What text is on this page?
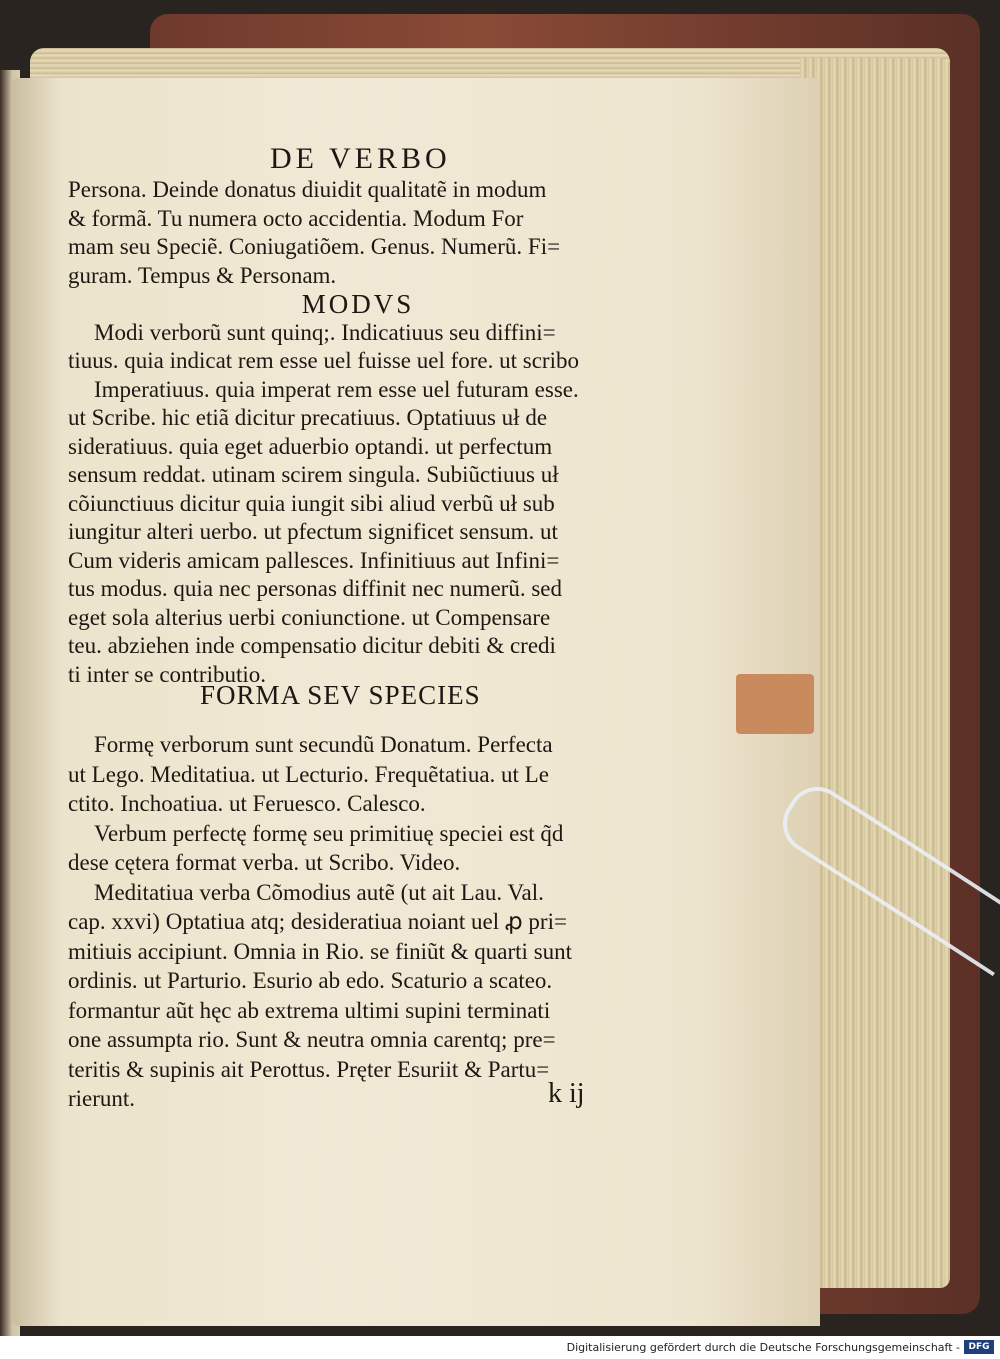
DE VERBO
Persona. Deinde donatus diuidit qualitatẽ in modum
& formã. Tu numera octo accidentia. Modum For
mam seu Speciẽ. Coniugatiõem. Genus. Numerũ. Fi=
guram. Tempus & Personam.
MODVS
Modi verborũ sunt quinq;. Indicatiuus seu diffini=
tiuus. quia indicat rem esse uel fuisse uel fore. ut scribo
Imperatiuus. quia imperat rem esse uel futuram esse.
ut Scribe. hic etiã dicitur precatiuus. Optatiuus uł de
sideratiuus. quia eget aduerbio optandi. ut perfectum
sensum reddat. utinam scirem singula. Subiũctiuus uł
cõiunctiuus dicitur quia iungit sibi aliud verbũ uł sub
iungitur alteri uerbo. ut pfectum significet sensum. ut
Cum videris amicam pallesces. Infinitiuus aut Infini=
tus modus. quia nec personas diffinit nec numerũ. sed
eget sola alterius uerbi coniunctione. ut Compensare
teu. abziehen inde compensatio dicitur debiti & credi
ti inter se contributio.
FORMA SEV SPECIES
Formę verborum sunt secundũ Donatum. Perfecta
ut Lego. Meditatiua. ut Lecturio. Frequẽtatiua. ut Le
ctito. Inchoatiua. ut Feruesco. Calesco.
Verbum perfectę formę seu primitiuę speciei est q̃d
dese cętera format verba. ut Scribo. Video.
Meditatiua verba Cõmodius autẽ (ut ait Lau. Val.
cap. xxvi) Optatiua atq; desideratiua noiant uel ꝓ pri=
mitiuis accipiunt. Omnia in Rio. se finiũt & quarti sunt
ordinis. ut Parturio. Esurio ab edo. Scaturio a scateo.
formantur aũt hęc ab extrema ultimi supini terminati
one assumpta rio. Sunt & neutra omnia carentq; pre=
teritis & supinis ait Perottus. Pręter Esuriit & Partu=
rierunt.	k ij
Digitalisierung gefördert durch die Deutsche Forschungsgemeinschaft - DFG
